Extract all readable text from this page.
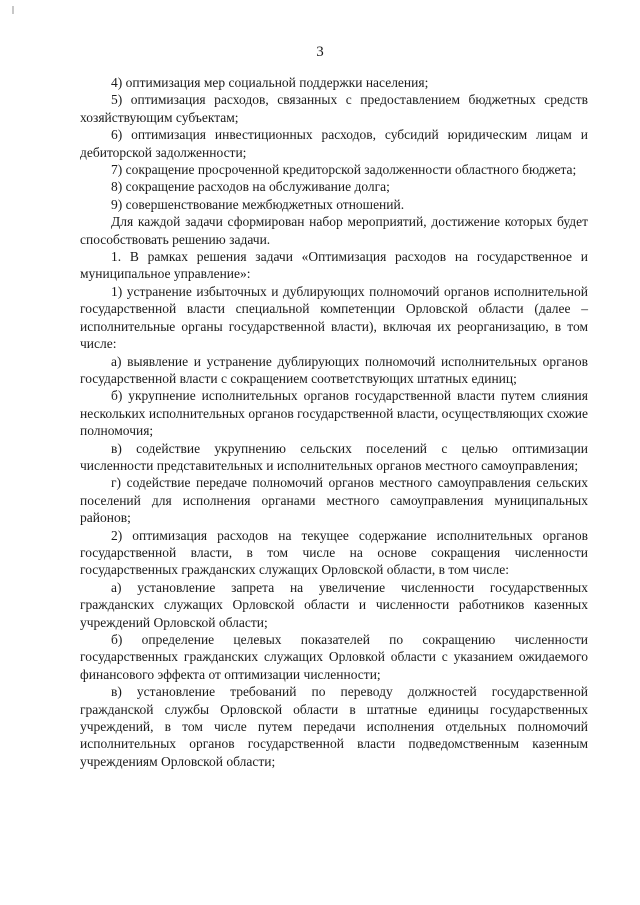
3

4) оптимизация мер социальной поддержки населения;

5) оптимизация расходов, связанных с предоставлением бюджетных средств хозяйствующим субъектам;

6) оптимизация инвестиционных расходов, субсидий юридическим лицам и дебиторской задолженности;

7) сокращение просроченной кредиторской задолженности областного бюджета;

8) сокращение расходов на обслуживание долга;

9) совершенствование межбюджетных отношений.

Для каждой задачи сформирован набор мероприятий, достижение которых будет способствовать решению задачи.

1. В рамках решения задачи «Оптимизация расходов на государственное и муниципальное управление»:

1) устранение избыточных и дублирующих полномочий органов исполнительной государственной власти специальной компетенции Орловской области (далее – исполнительные органы государственной власти), включая их реорганизацию, в том числе:

а) выявление и устранение дублирующих полномочий исполнительных органов государственной власти с сокращением соответствующих штатных единиц;

б) укрупнение исполнительных органов государственной власти путем слияния нескольких исполнительных органов государственной власти, осуществляющих схожие полномочия;

в) содействие укрупнению сельских поселений с целью оптимизации численности представительных и исполнительных органов местного самоуправления;

г) содействие передаче полномочий органов местного самоуправления сельских поселений для исполнения органами местного самоуправления муниципальных районов;

2) оптимизация расходов на текущее содержание исполнительных органов государственной власти, в том числе на основе сокращения численности государственных гражданских служащих Орловской области, в том числе:

а) установление запрета на увеличение численности государственных гражданских служащих Орловской области и численности работников казенных учреждений Орловской области;

б) определение целевых показателей по сокращению численности государственных гражданских служащих Орловкой области с указанием ожидаемого финансового эффекта от оптимизации численности;

в) установление требований по переводу должностей государственной гражданской службы Орловской области в штатные единицы государственных учреждений, в том числе путем передачи исполнения отдельных полномочий исполнительных органов государственной власти подведомственным казенным учреждениям Орловской области;
